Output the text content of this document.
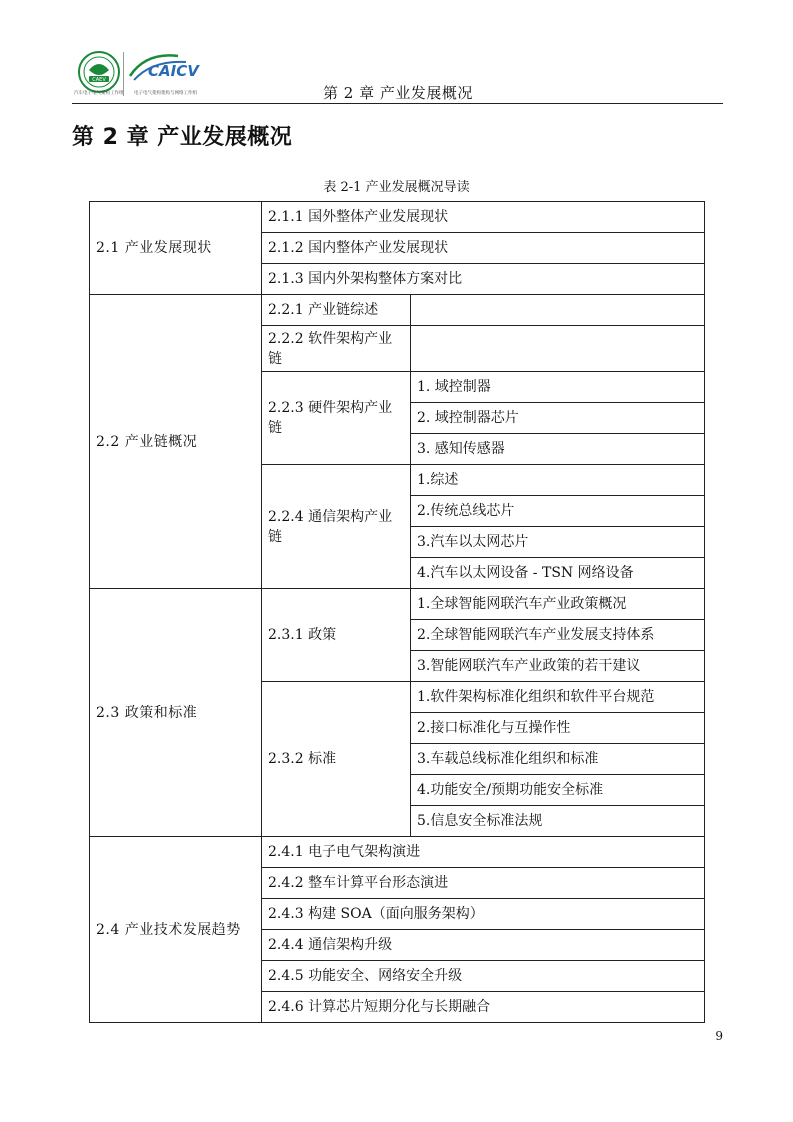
CAEV
汽车电子电气架构工作组
CAICV
电子电气架构架构与网络工作组	第 2 章 产业发展概况
第 2 章 产业发展概况
表 2-1 产业发展概况导读
2.1 产业发展现状	2.1.1 国外整体产业发展现状	
	2.1.2 国内整体产业发展现状	
	2.1.3 国内外架构整体方案对比	
2.2 产业链概况	2.2.1 产业链综述	
	2.2.2 软件架构产业链	
	2.2.3 硬件架构产业链	1. 域控制器
		2. 域控制器芯片
		3. 感知传感器
	2.2.4 通信架构产业链	1.综述
		2.传统总线芯片
		3.汽车以太网芯片
		4.汽车以太网设备 - TSN 网络设备
2.3 政策和标准	2.3.1 政策	1.全球智能网联汽车产业政策概况
		2.全球智能网联汽车产业发展支持体系
		3.智能网联汽车产业政策的若干建议
	2.3.2 标准	1.软件架构标准化组织和软件平台规范
		2.接口标准化与互操作性
		3.车载总线标准化组织和标准
		4.功能安全/预期功能安全标准
		5.信息安全标准法规
2.4 产业技术发展趋势	2.4.1 电子电气架构演进	
	2.4.2 整车计算平台形态演进	
	2.4.3 构建 SOA（面向服务架构）	
	2.4.4 通信架构升级	
	2.4.5 功能安全、网络安全升级	
	2.4.6 计算芯片短期分化与长期融合	
9
